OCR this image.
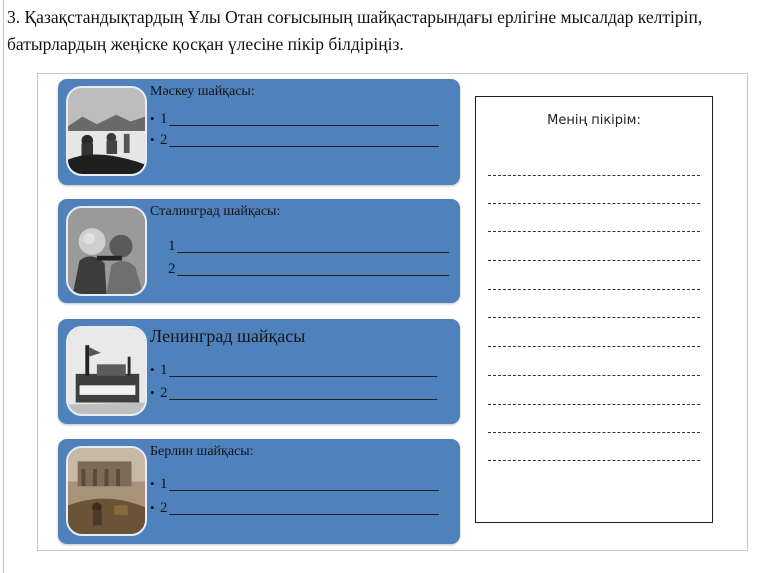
3. Қазақстандықтардың Ұлы Отан соғысының шайқастарындағы ерлігіне мысалдар келтіріп, батырлардың жеңіске қосқан үлесіне пікір білдіріңіз.

Мәскеу шайқасы:
• 1
• 2
Сталинград шайқасы:
1
2
Ленинград шайқасы
• 1
• 2
Берлин шайқасы:
• 1
• 2
Менің пікірім:
